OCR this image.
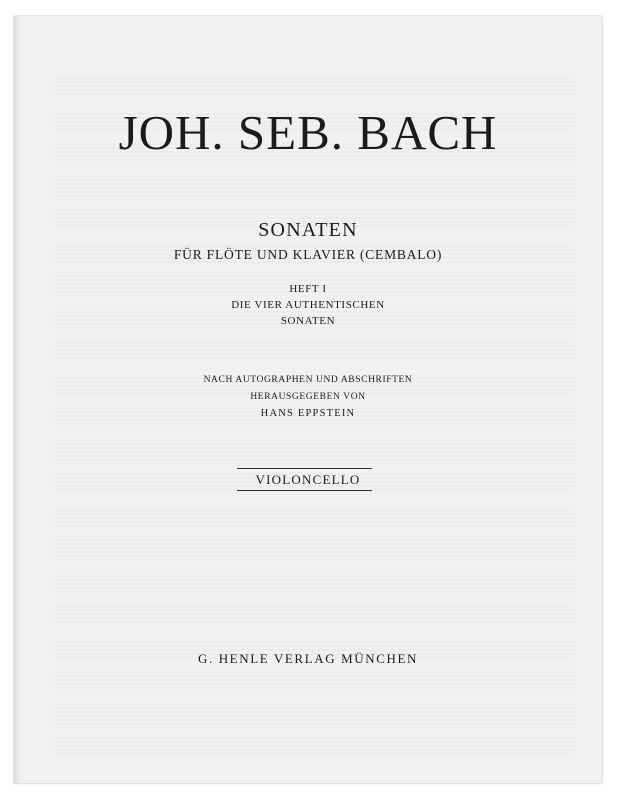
JOH. SEB. BACH
SONATEN
FÜR FLÖTE UND KLAVIER (CEMBALO)
HEFT I
DIE VIER AUTHENTISCHEN
SONATEN
NACH AUTOGRAPHEN UND ABSCHRIFTEN
HERAUSGEGEBEN VON
HANS EPPSTEIN
VIOLONCELLO
G. HENLE VERLAG MÜNCHEN
